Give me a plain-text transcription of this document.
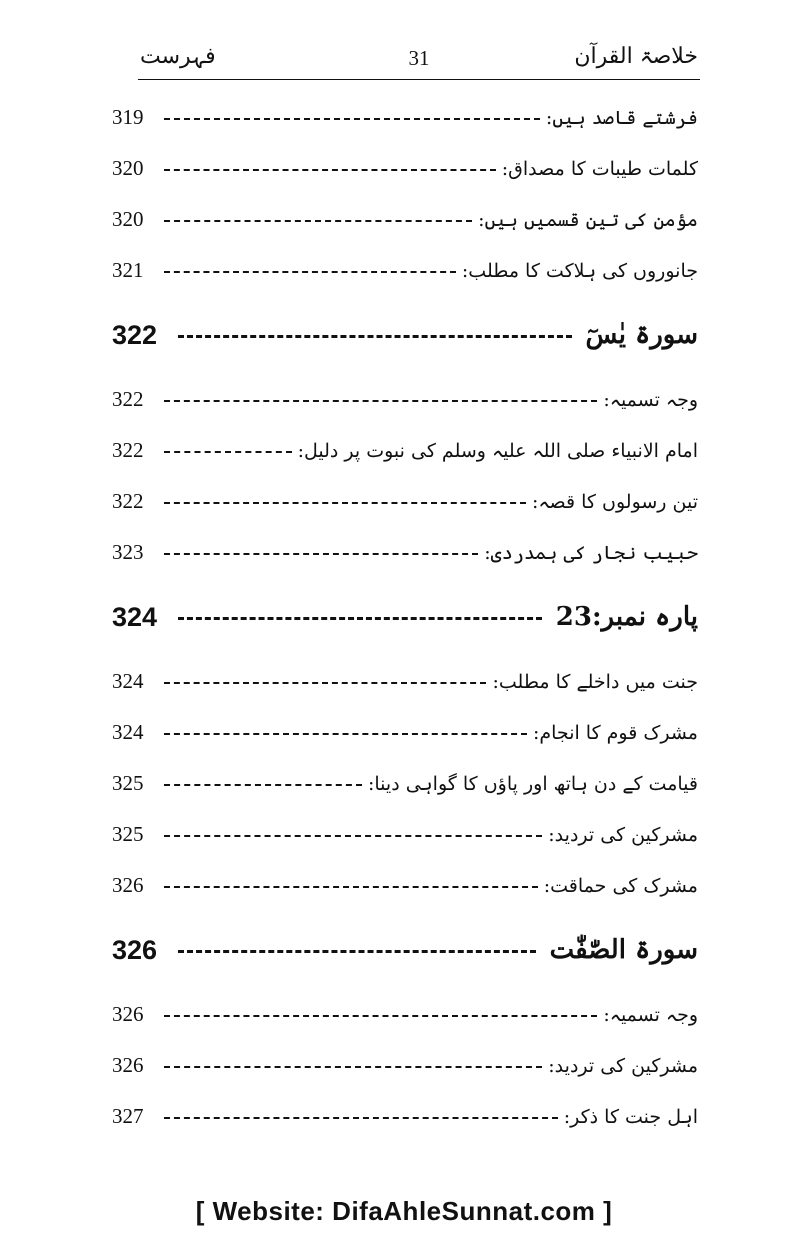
فہرست	31	خلاصۃ القرآن
319	فرشتے قاصد ہیں:
320	کلمات طیبات کا مصداق:
320	مؤمن کی تین قسمیں ہیں:
321	جانوروں کی ہلاکت کا مطلب:
322	سورۃ یٰسٓ
322	وجہ تسمیہ:
322	امام الانبیاء صلی اللہ علیہ وسلم کی نبوت پر دلیل:
322	تین رسولوں کا قصہ:
323	حبیب نجار کی ہمدردی:
324	پارہ نمبر:23
324	جنت میں داخلے کا مطلب:
324	مشرک قوم کا انجام:
325	قیامت کے دن ہاتھ اور پاؤں کا گواہی دینا:
325	مشرکین کی تردید:
326	مشرک کی حماقت:
326	سورۃ الصّٰفّٰت
326	وجہ تسمیہ:
326	مشرکین کی تردید:
327	اہل جنت کا ذکر:
[ Website: DifaAhleSunnat.com ]
